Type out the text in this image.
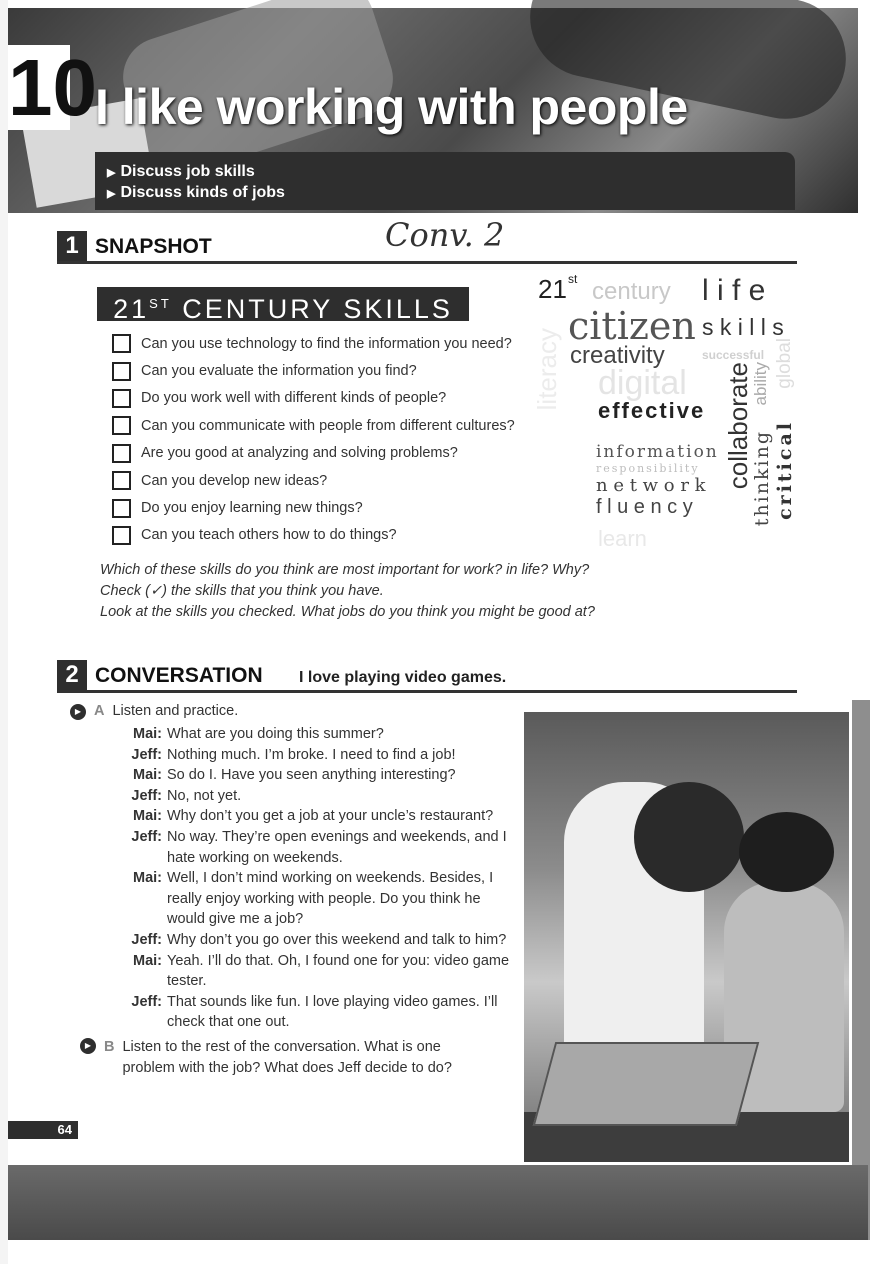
10
I like working with people
▶ Discuss job skills
▶ Discuss kinds of jobs
1 SNAPSHOT	Conv. 2
21ST CENTURY SKILLS
Can you use technology to find the information you need?
Can you evaluate the information you find?
Do you work well with different kinds of people?
Can you communicate with people from different cultures?
Are you good at analyzing and solving problems?
Can you develop new ideas?
Do you enjoy learning new things?
Can you teach others how to do things?
21 st century l i f e
citizen s k i l l s
creativity	successful
digital
effective
information
responsibility
n e t w o r k
f l u e n c y
learn
literacy	collaborate
ability
thinking
global
critical
Which of these skills do you think are most important for work? in life? Why?
Check (✓) the skills that you think you have.
Look at the skills you checked. What jobs do you think you might be good at?
2 CONVERSATION I love playing video games.
▶ A Listen and practice.
Mai: What are you doing this summer?
Jeff: Nothing much. I’m broke. I need to find a job!
Mai: So do I. Have you seen anything interesting?
Jeff: No, not yet.
Mai: Why don’t you get a job at your uncle’s restaurant?
Jeff: No way. They’re open evenings and weekends, and I hate working on weekends.
Mai: Well, I don’t mind working on weekends. Besides, I really enjoy working with people. Do you think he would give me a job?
Jeff: Why don’t you go over this weekend and talk to him?
Mai: Yeah. I’ll do that. Oh, I found one for you: video game tester.
Jeff: That sounds like fun. I love playing video games. I’ll check that one out.
▶ B Listen to the rest of the conversation. What is one problem with the job? What does Jeff decide to do?
64
